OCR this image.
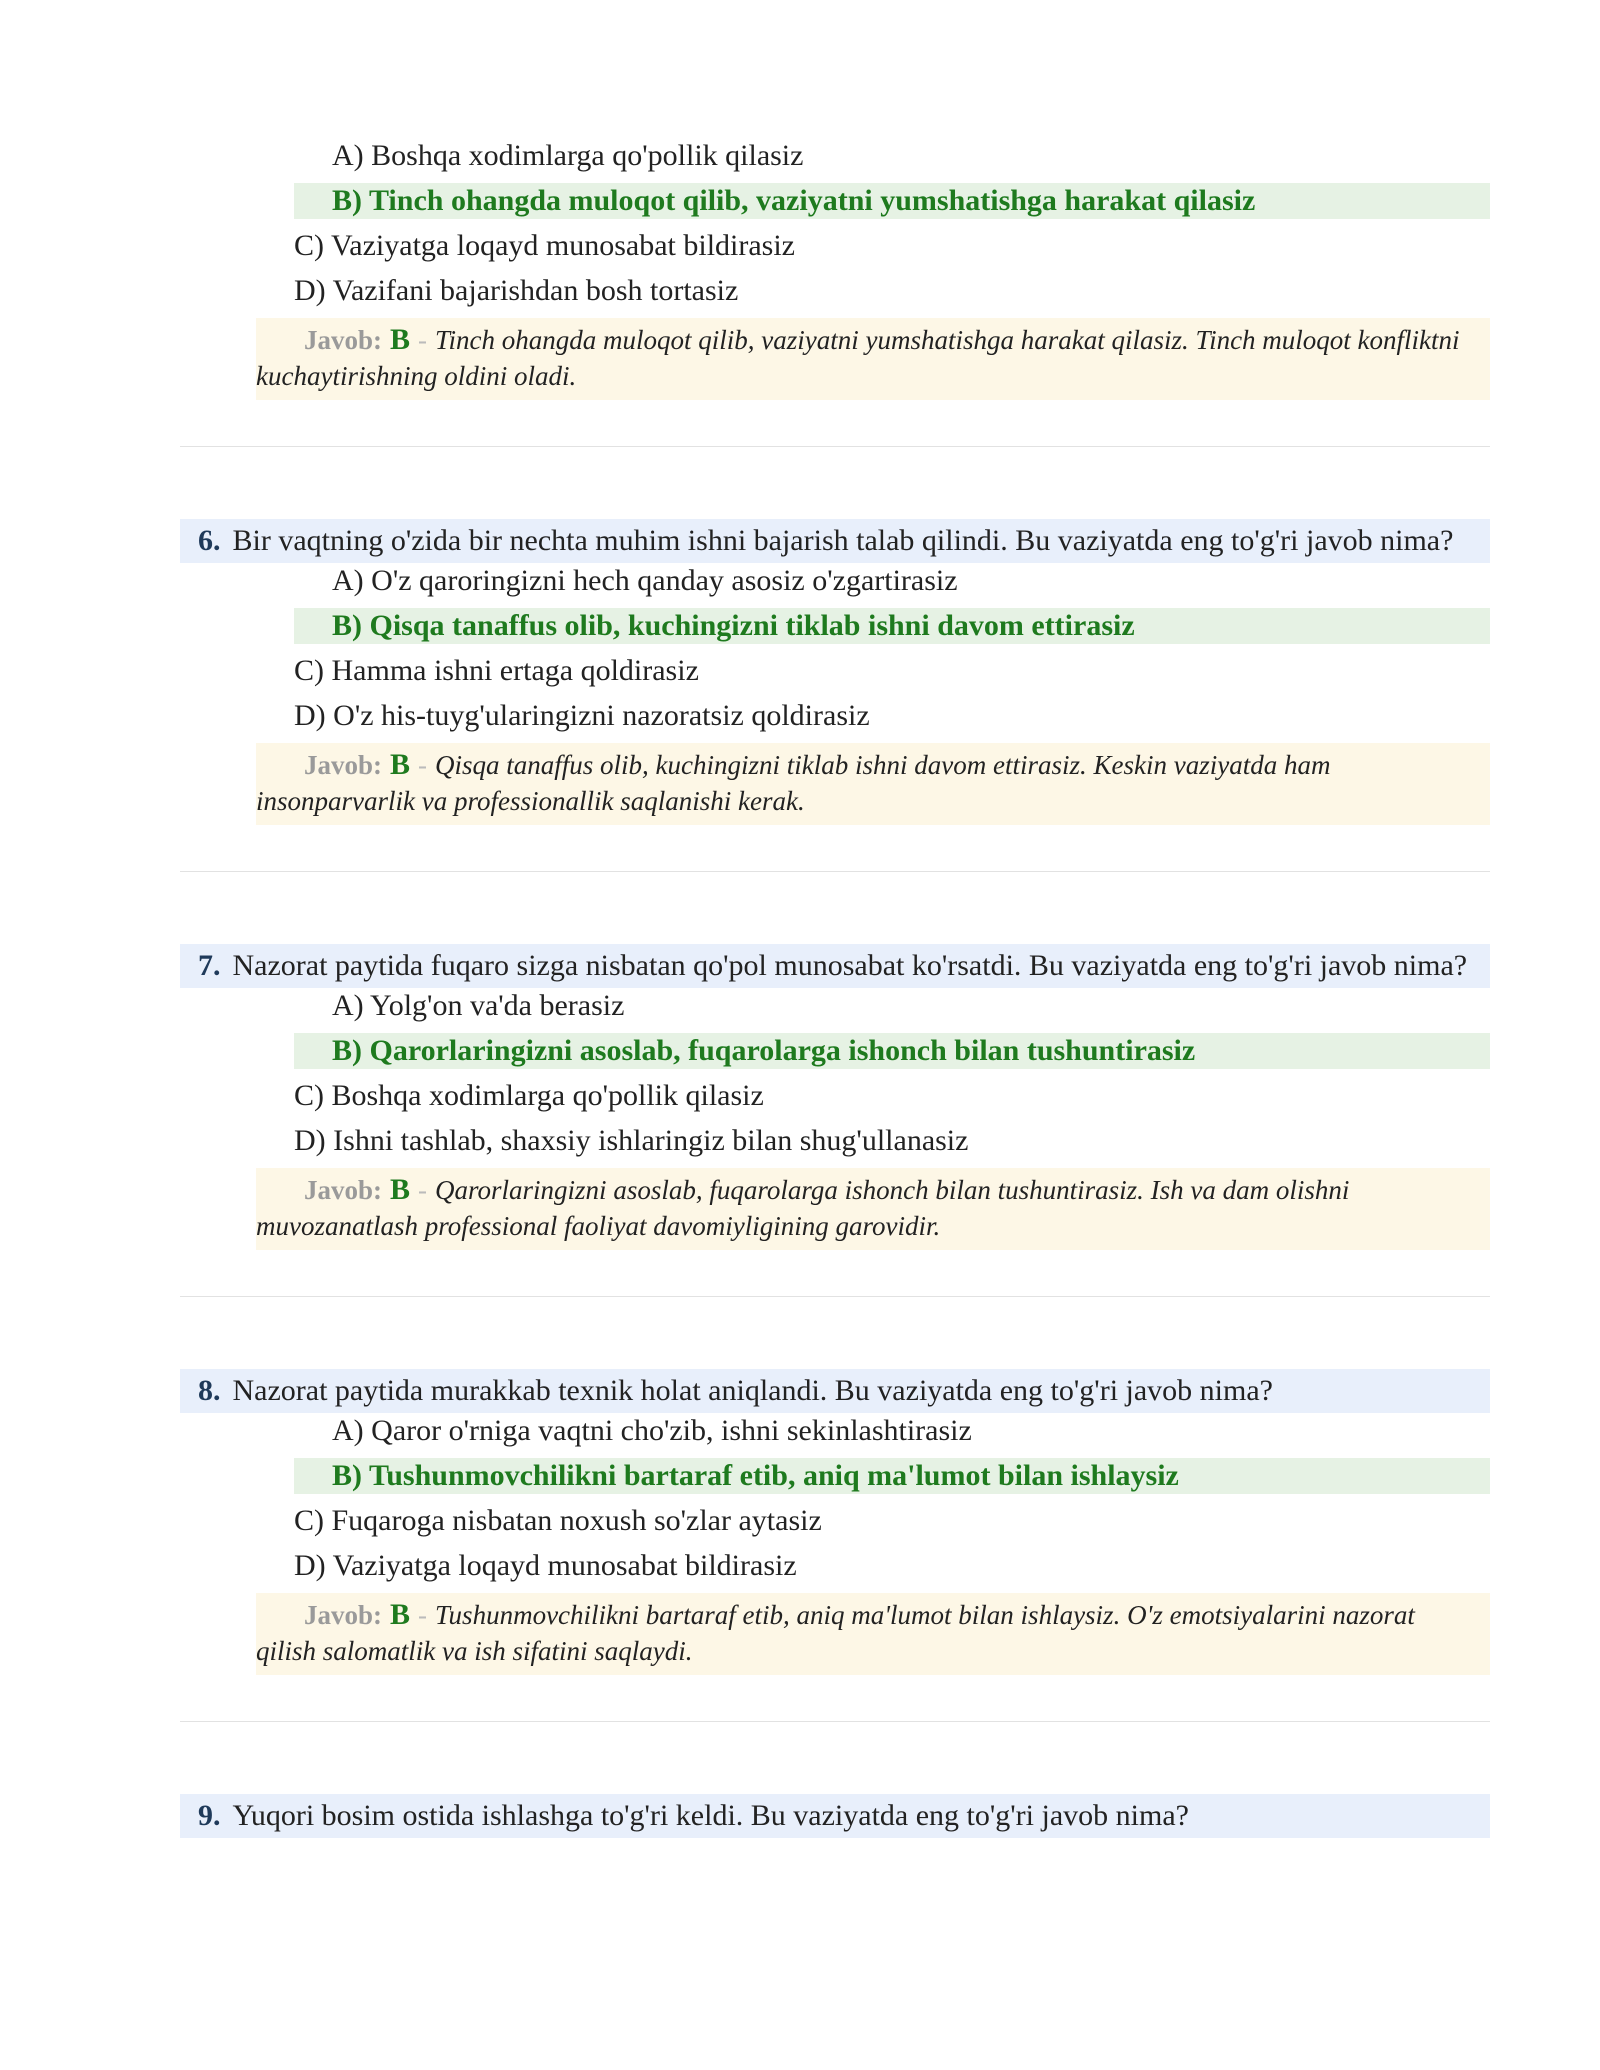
A) Boshqa xodimlarga qo'pollik qilasiz
B) Tinch ohangda muloqot qilib, vaziyatni yumshatishga harakat qilasiz
C) Vaziyatga loqayd munosabat bildirasiz
D) Vazifani bajarishdan bosh tortasiz
Javob: B - Tinch ohangda muloqot qilib, vaziyatni yumshatishga harakat qilasiz. Tinch muloqot konfliktni kuchaytirishning oldini oladi.

6. Bir vaqtning o'zida bir nechta muhim ishni bajarish talab qilindi. Bu vaziyatda eng to'g'ri javob nima?

A) O'z qaroringizni hech qanday asosiz o'zgartirasiz
B) Qisqa tanaffus olib, kuchingizni tiklab ishni davom ettirasiz
C) Hamma ishni ertaga qoldirasiz
D) O'z his-tuyg'ularingizni nazoratsiz qoldirasiz
Javob: B - Qisqa tanaffus olib, kuchingizni tiklab ishni davom ettirasiz. Keskin vaziyatda ham insonparvarlik va professionallik saqlanishi kerak.

7. Nazorat paytida fuqaro sizga nisbatan qo'pol munosabat ko'rsatdi. Bu vaziyatda eng to'g'ri javob nima?

A) Yolg'on va'da berasiz
B) Qarorlaringizni asoslab, fuqarolarga ishonch bilan tushuntirasiz
C) Boshqa xodimlarga qo'pollik qilasiz
D) Ishni tashlab, shaxsiy ishlaringiz bilan shug'ullanasiz
Javob: B - Qarorlaringizni asoslab, fuqarolarga ishonch bilan tushuntirasiz. Ish va dam olishni muvozanatlash professional faoliyat davomiyligining garovidir.

8. Nazorat paytida murakkab texnik holat aniqlandi. Bu vaziyatda eng to'g'ri javob nima?

A) Qaror o'rniga vaqtni cho'zib, ishni sekinlashtirasiz
B) Tushunmovchilikni bartaraf etib, aniq ma'lumot bilan ishlaysiz
C) Fuqaroga nisbatan noxush so'zlar aytasiz
D) Vaziyatga loqayd munosabat bildirasiz
Javob: B - Tushunmovchilikni bartaraf etib, aniq ma'lumot bilan ishlaysiz. O'z emotsiyalarini nazorat qilish salomatlik va ish sifatini saqlaydi.

9. Yuqori bosim ostida ishlashga to'g'ri keldi. Bu vaziyatda eng to'g'ri javob nima?
